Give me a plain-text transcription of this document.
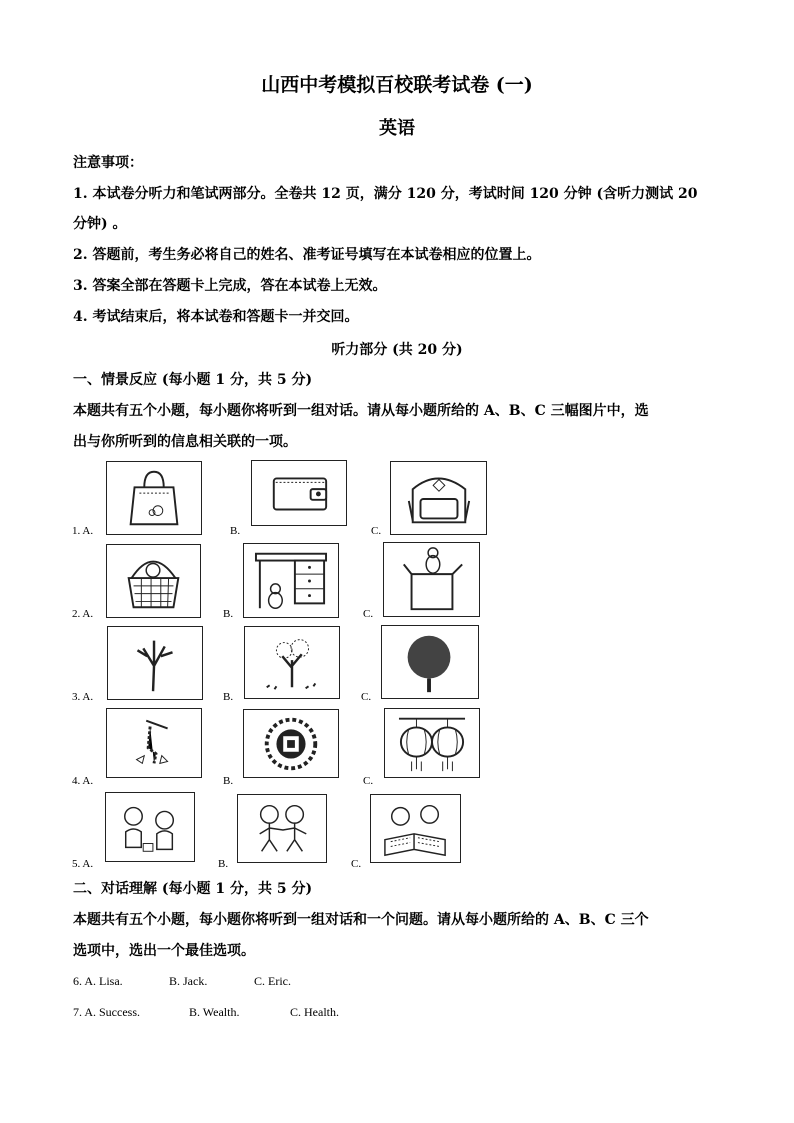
山西中考模拟百校联考试卷 (一)
英语
注意事项：
1. 本试卷分听力和笔试两部分。全卷共 12 页，满分 120 分，考试时间 120 分钟 (含听力测试 20
分钟) 。
2. 答题前，考生务必将自己的姓名、准考证号填写在本试卷相应的位置上。
3. 答案全部在答题卡上完成，答在本试卷上无效。
4. 考试结束后，将本试卷和答题卡一并交回。
听力部分 (共 20 分)
一、情景反应 (每小题 1 分，共 5 分)
本题共有五个小题，每小题你将听到一组对话。请从每小题所给的 A、B、C 三幅图片中，选
出与你所听到的信息相关联的一项。
1. A.	B.	C.
2. A.	B.	C.
3. A.	B.	C.
4. A.	B.	C.
5. A.	B.	C.
二、对话理解 (每小题 1 分，共 5 分)
本题共有五个小题，每小题你将听到一组对话和一个问题。请从每小题所给的 A、B、C 三个
选项中，选出一个最佳选项。
6. A. Lisa.	B. Jack.	C. Eric.
7. A. Success.	B. Wealth.	C. Health.
